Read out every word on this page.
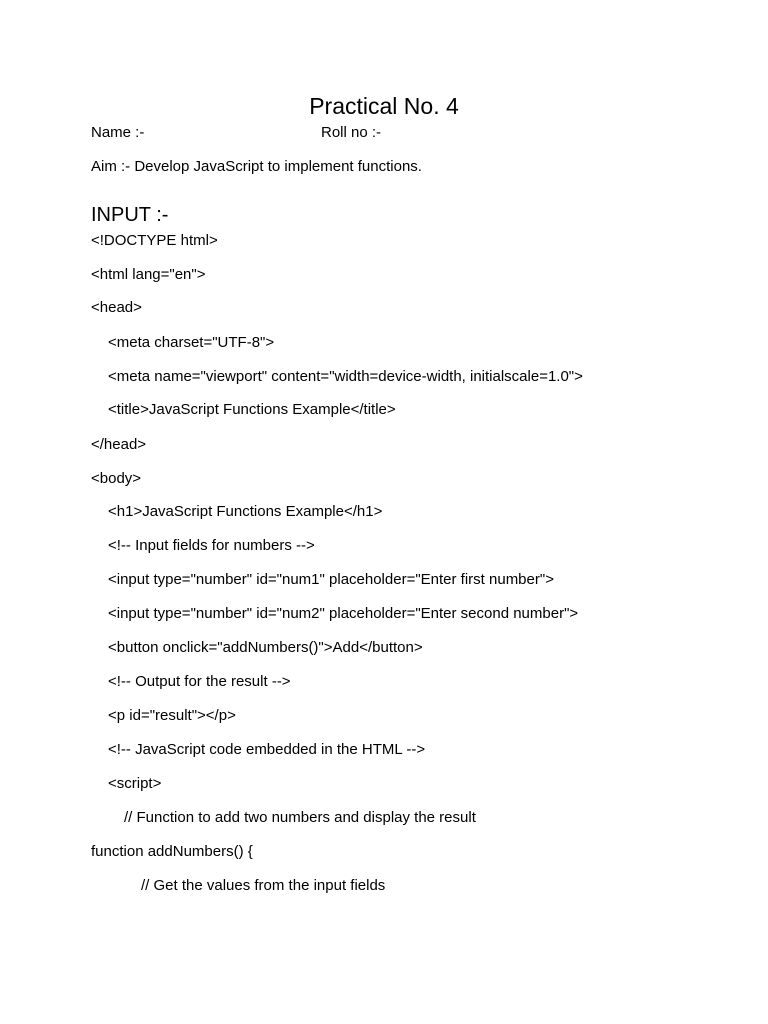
Practical No. 4
Name :-	Roll no :-
Aim :- Develop JavaScript to implement functions.
INPUT :-
<!DOCTYPE html>
<html lang="en">
<head>
<meta charset="UTF-8">
<meta name="viewport" content="width=device-width, initialscale=1.0">
<title>JavaScript Functions Example</title>
</head>
<body>
<h1>JavaScript Functions Example</h1>
<!-- Input fields for numbers -->
<input type="number" id="num1" placeholder="Enter first number">
<input type="number" id="num2" placeholder="Enter second number">
<button onclick="addNumbers()">Add</button>
<!-- Output for the result -->
<p id="result"></p>
<!-- JavaScript code embedded in the HTML -->
<script>
// Function to add two numbers and display the result
function addNumbers() {
// Get the values from the input fields
